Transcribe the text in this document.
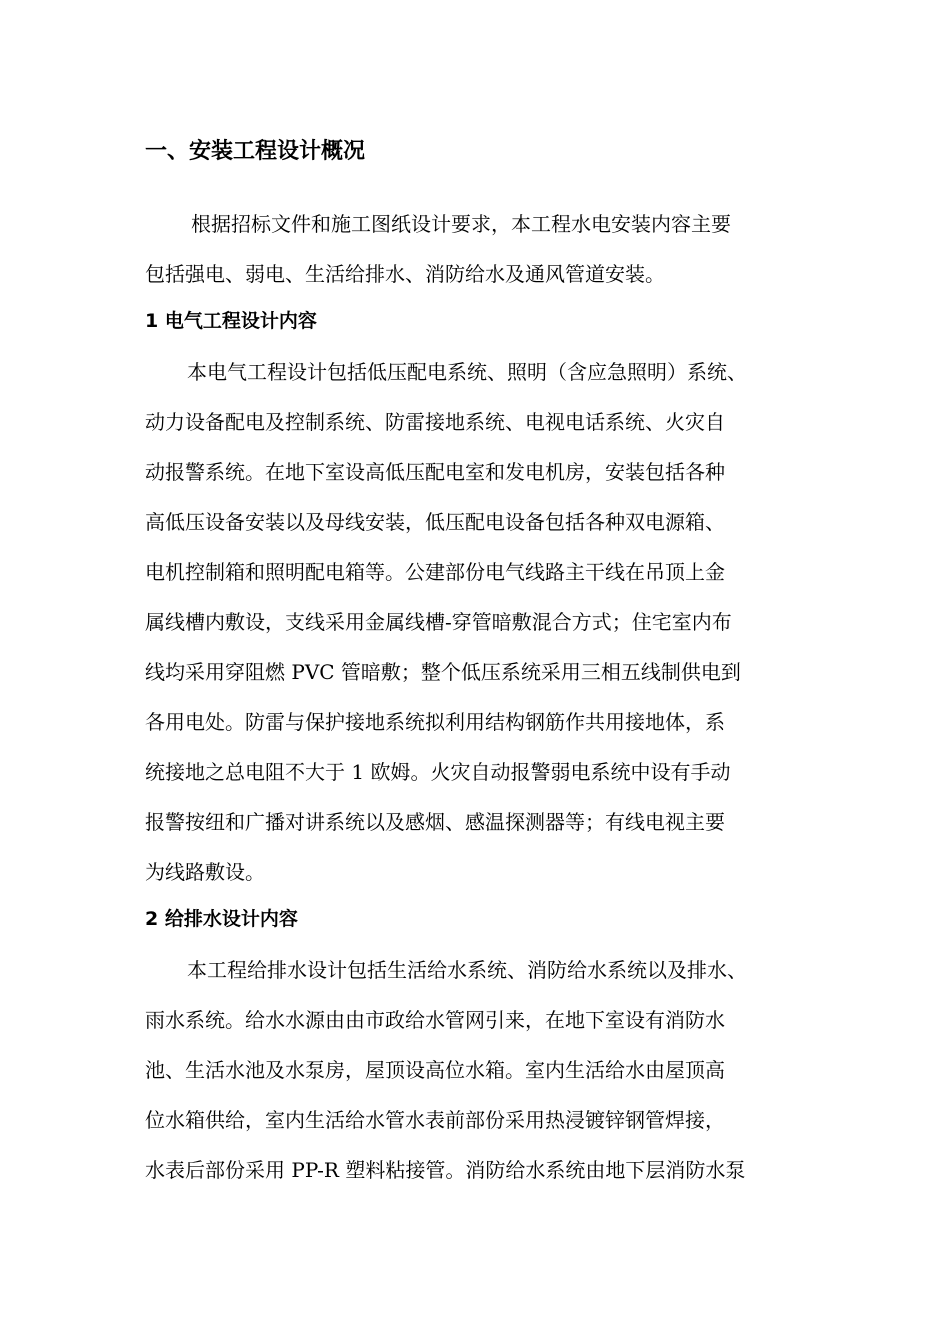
一、安装工程设计概况
根据招标文件和施工图纸设计要求，本工程水电安装内容主要
包括强电、弱电、生活给排水、消防给水及通风管道安装。
1 电气工程设计内容
本电气工程设计包括低压配电系统、照明（含应急照明）系统、
动力设备配电及控制系统、防雷接地系统、电视电话系统、火灾自
动报警系统。在地下室设高低压配电室和发电机房，安装包括各种
高低压设备安装以及母线安装，低压配电设备包括各种双电源箱、
电机控制箱和照明配电箱等。公建部份电气线路主干线在吊顶上金
属线槽内敷设，支线采用金属线槽-穿管暗敷混合方式；住宅室内布
线均采用穿阻燃 PVC 管暗敷；整个低压系统采用三相五线制供电到
各用电处。防雷与保护接地系统拟利用结构钢筋作共用接地体，系
统接地之总电阻不大于 1 欧姆。火灾自动报警弱电系统中设有手动
报警按纽和广播对讲系统以及感烟、感温探测器等；有线电视主要
为线路敷设。
2 给排水设计内容
本工程给排水设计包括生活给水系统、消防给水系统以及排水、
雨水系统。给水水源由由市政给水管网引来，在地下室设有消防水
池、生活水池及水泵房，屋顶设高位水箱。室内生活给水由屋顶高
位水箱供给，室内生活给水管水表前部份采用热浸镀锌钢管焊接，
水表后部份采用 PP-R 塑料粘接管。消防给水系统由地下层消防水泵
